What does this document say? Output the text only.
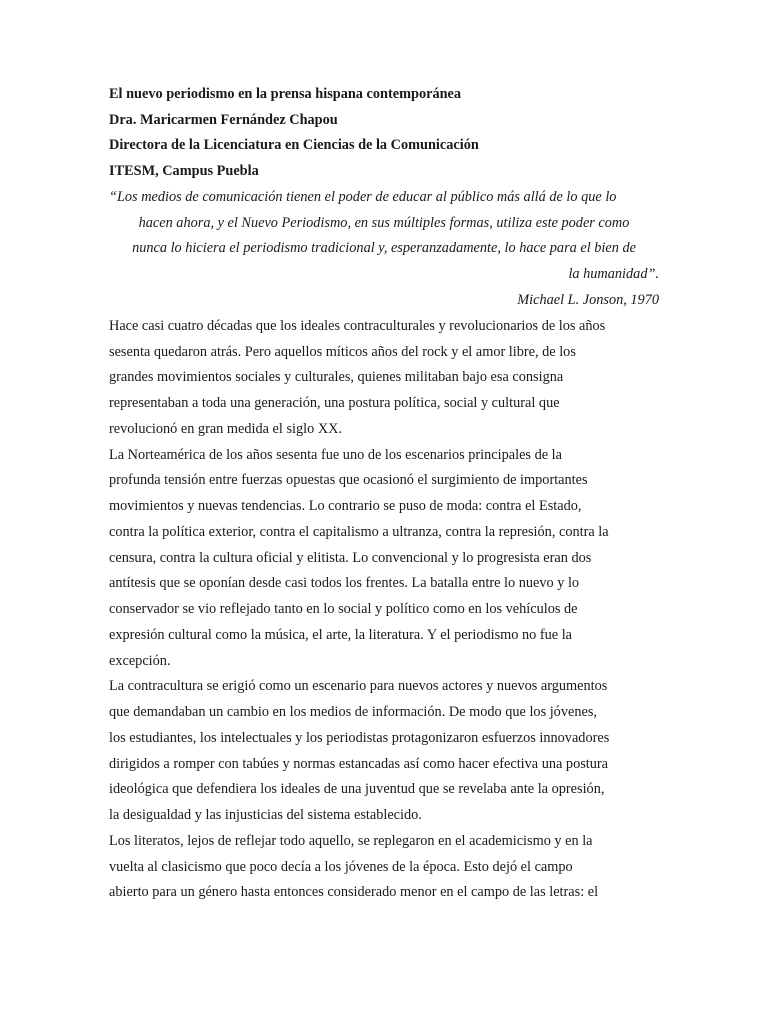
El nuevo periodismo en la prensa hispana contemporánea
Dra. Maricarmen Fernández Chapou
Directora de la Licenciatura en Ciencias de la Comunicación
ITESM, Campus Puebla
“Los medios de comunicación tienen el poder de educar al público más allá de lo que lo
hacen ahora, y el Nuevo Periodismo, en sus múltiples formas, utiliza este poder como
nunca lo hiciera el periodismo tradicional y, esperanzadamente, lo hace para el bien de
la humanidad”.
Michael L. Jonson, 1970
Hace casi cuatro décadas que los ideales contraculturales y revolucionarios de los años
sesenta quedaron atrás. Pero aquellos míticos años del rock y el amor libre, de los
grandes movimientos sociales y culturales, quienes militaban bajo esa consigna
representaban a toda una generación, una postura política, social y cultural que
revolucionó en gran medida el siglo XX.
La Norteamérica de los años sesenta fue uno de los escenarios principales de la
profunda tensión entre fuerzas opuestas que ocasionó el surgimiento de importantes
movimientos y nuevas tendencias. Lo contrario se puso de moda: contra el Estado,
contra la política exterior, contra el capitalismo a ultranza, contra la represión, contra la
censura, contra la cultura oficial y elitista. Lo convencional y lo progresista eran dos
antítesis que se oponían desde casi todos los frentes. La batalla entre lo nuevo y lo
conservador se vio reflejado tanto en lo social y político como en los vehículos de
expresión cultural como la música, el arte, la literatura. Y el periodismo no fue la
excepción.
La contracultura se erigió como un escenario para nuevos actores y nuevos argumentos
que demandaban un cambio en los medios de información. De modo que los jóvenes,
los estudiantes, los intelectuales y los periodistas protagonizaron esfuerzos innovadores
dirigidos a romper con tabúes y normas estancadas así como hacer efectiva una postura
ideológica que defendiera los ideales de una juventud que se revelaba ante la opresión,
la desigualdad y las injusticias del sistema establecido.
Los literatos, lejos de reflejar todo aquello, se replegaron en el academicismo y en la
vuelta al clasicismo que poco decía a los jóvenes de la época. Esto dejó el campo
abierto para un género hasta entonces considerado menor en el campo de las letras: el
